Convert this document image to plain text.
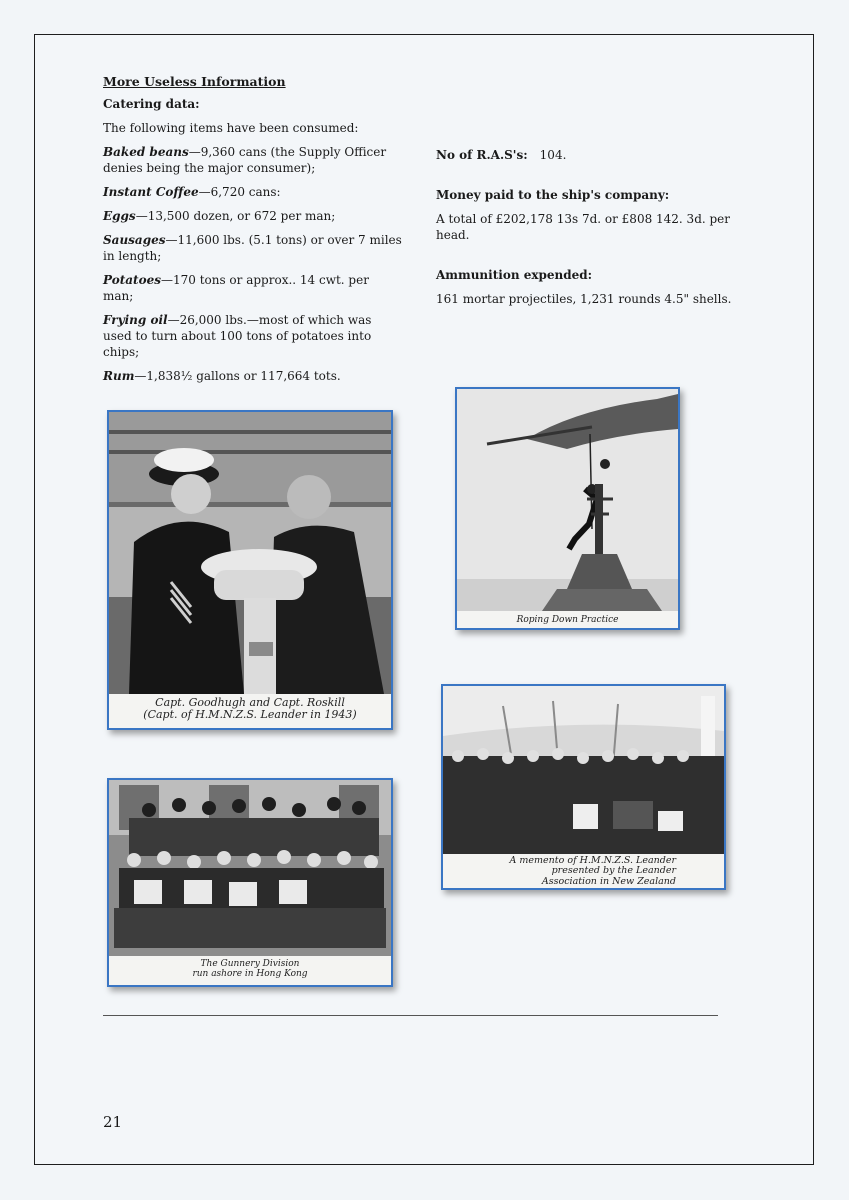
More Useless Information
Catering data:
The following items have been consumed:
Baked beans—9,360 cans (the Supply Officer denies being the major consumer);
Instant Coffee—6,720 cans:
Eggs—13,500 dozen, or 672 per man;
Sausages—11,600 lbs. (5.1 tons) or over 7 miles in length;
Potatoes—170 tons or approx.. 14 cwt. per man;
Frying oil—26,000 lbs.—most of which was used to turn about 100 tons of potatoes into chips;
Rum—1,838½ gallons or 117,664 tots.
No of R.A.S's: 104.
Money paid to the ship's company:
A total of £202,178 13s 7d. or £808 142. 3d. per head.
Ammunition expended:
161 mortar projectiles, 1,231 rounds 4.5" shells.
Capt. Goodhugh and Capt. Roskill
(Capt. of H.M.N.Z.S. Leander in 1943)
Roping Down Practice
The Gunnery Division
run ashore in Hong Kong
A memento of H.M.N.Z.S. Leander
presented by the Leander
Association in New Zealand
21
